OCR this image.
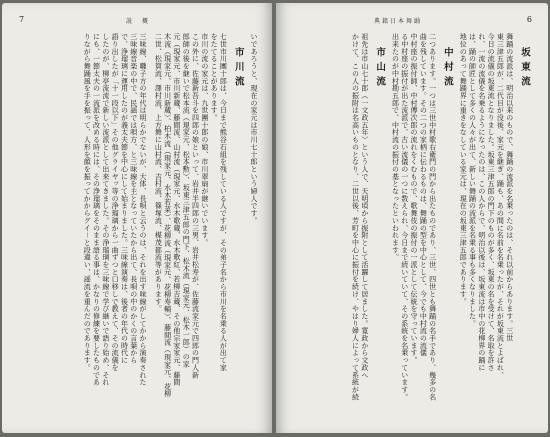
7	説　概
いであろうと、現在の家元は市川七十郎という婦人です。
市川流
七世市川團十郎は、今日まで熊谷石組を残している人ですが、その弟子名から市川を名乗る人が出て家
をたてることがあります。
市川の流の家元は、九世團十郎の娘、市川翠扇が継いでいます。
この外に、佐藤新吾斗を四郎の娘といって、岩井半四郎の三男、岩井松寿が、佐藤流家元で四郎の門人新
郎師の後を継いで松本流（現家元、松本勲）、坂東三津五郎の門下、松木流（現家元、松木一郎）の家
元（現家元、市川新蔵、藤間流、山村流（現家元、水木歌蔵、水木歌紅、若柳吉蔵、その他宗家家元、藤間
木流（現家元、市川新蔵）、柏木流（現家元、水木若菜）、花柳流（現家元、花柳寿輔）、藤間流（現家元、花柳
二世、松賀流、澤村流、上方舞に山村流、吉村流、篠塚流、楳茂都流等があります。
三味線、囃子方の年代は明らかでないが、大体、長唄と云うのは、それを出す味線がしてかから演奏された
三味線音楽の中で、民謡では唄方、と三味線を主となっていたから出て、長唄の中のかくの言葉から
で、浄瑠璃に運用したのが義太夫節を中心にして始まりました。三味線演奏は、後者の年代の時代に
語り出したが「十一段以下」その他グライヤッ等の浄瑠璃から一曲ずつと口移しで教えて、その流儀を
したのが、柳亭流流で新しい流派として出来てきました。その浄瑠璃を三味線で学び継いで語り始め、それ
にも、一節太夫の一流派を改める時には、その浄瑠璃をそのまま語る事は、かなりの修練を要したものであ
りながら舞踊風を手を振って、人形を顔を振ってかからグイ－と段違い、謡流を重んだのであります。
6
典籍日本舞踊
坂東流
舞踊の流派は、明治以来のもので、舞踊の流派を名乗ったのは、それ以前からあります。三世
東三津五郎が、二代目が没後、家元を継ぎ、踊も、あの間に名前を名乗ったが、それが坂東流とよばれ、
今日の流儀の坂東流となりました。坂東三津五郎の門下のものが多く、坂東の名を受けて、名取を許さ
れ、一流の流儀を名乗るようになったのは、この人からで、明治以後は、坂東流は市中の花柳界の踊に
は、踊の師匠として多くの人々が出て、新しい舞踊の流派を名乗る事も多くなりました。
地位のあって舞踊界に重きをなしている家元は、現在の坂東三津五郎であります。
中村流
二つあります。一つは三世中村歌右衛門の門から出たものであり、三世、四世とも舞踊の名手であり、幾多の名
曲を残しています。その二つの家柄に伝わるものは、舞踊の型を中心として、今でも中村流の流儀
中村座の振付師、中村傳次郎の流れをくむもので、歌舞伎の振付の一派として伝統を守っています。
る中村座の振付が出た流派で、古い流儀の一つに数えられ、今日まで続いていて、その系統を名乗っています。
出来たのが中村勘五郎で、中村流の振付の基となったといわれます。
市山流
祖先は市山七十郎（一文政五年）という人で、天明頃から振附として活躍して居ました。寛政から文政へ
かけて、この人の振附は名高いものとなり、二世以後、芳町を中心に振付を続け、やはり婦人によって系統が続
